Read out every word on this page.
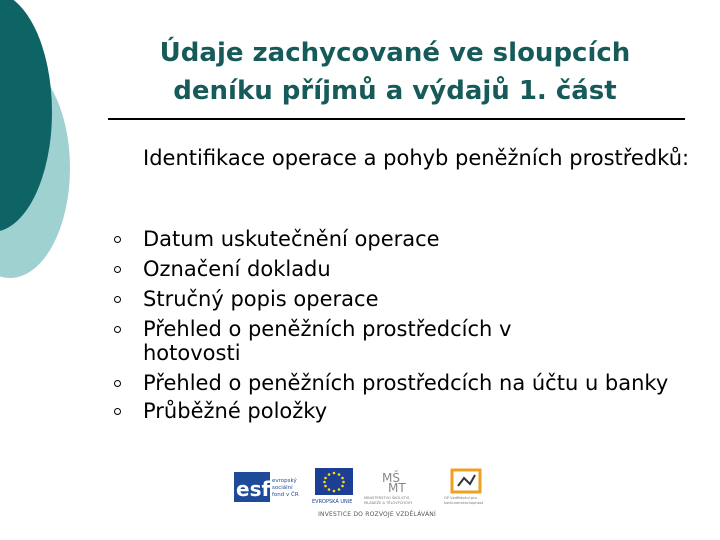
Údaje zachycované ve sloupcích
deníku příjmů a výdajů 1. část
Identifikace operace a pohyb peněžních prostředků:
Datum uskutečnění operace
Označení dokladu
Stručný popis operace
Přehled o peněžních prostředcích v hotovosti
Přehled o peněžních prostředcích na účtu u banky
Průběžné položky
esf evropský
sociální
fond v ČR
EVROPSKÁ UNIE
MŠ
MT
MINISTERSTVO ŠKOLSTVÍ,
MLÁDEŽE A TĚLOVÝCHOVY
OP Vzdělávání pro
konkurenceschopnost
INVESTICE DO ROZVOJE VZDĚLÁVÁNÍ
